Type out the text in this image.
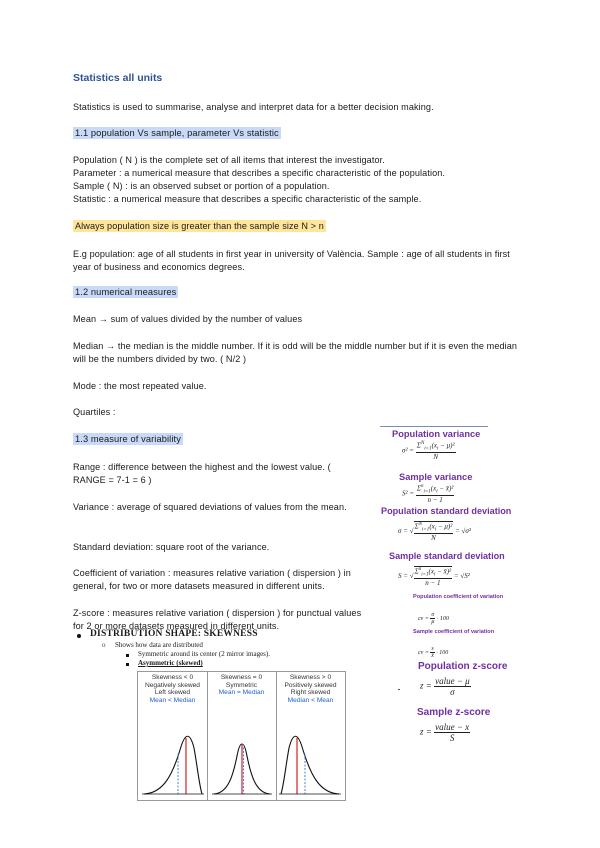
Statistics all units
Statistics is used to summarise, analyse and interpret data for a better decision making.
1.1 population Vs sample, parameter Vs statistic
Population ( N ) is the complete set of all items that interest the investigator.
Parameter : a numerical measure that describes a specific characteristic of the population.
Sample ( N) : is an observed subset or portion of a population.
Statistic : a numerical measure that describes a specific characteristic of the sample.
Always population size is greater than the sample size N > n
E.g population: age of all students in first year in university of València. Sample : age of all students in first year of business and economics degrees.
1.2 numerical measures
Mean → sum of values divided by the number of values
Median → the median is the middle number. If it is odd will be the middle number but if it is even the median will be the numbers divided by two. ( N/2 )
Mode : the most repeated value.
Quartiles :
1.3 measure of variability
Range : difference between the highest and the lowest value. ( RANGE = 7-1 = 6 )
Variance : average of squared deviations of values from the mean.
Standard deviation: square root of the variance.
Coefficient of variation : measures relative variation ( dispersion ) in general, for two or more datasets measured in different units.
Z-score : measures relative variation ( dispersion ) for punctual values for 2 or more datasets measured in different units.
Population variance
$\sigma^2 = \frac{\Sigma^N_{i=1}(x_i - \mu)^2}{N}$
Sample variance
$S^2 = \frac{\Sigma^n_{i=1}(x_i - x̄)^2}{n - 1}$
Population standard deviation
σ = √ $\frac{\Sigma^N_{i=1}(x_i - \mu)^2}{N} = √\sigma^2$
Sample standard deviation
S = √ $\frac{\Sigma^n_{i=1}(x_i - x̄)^2}{n - 1} = √S^2$
Population coefficient of variation
cv = $\frac{\sigma}{\mu} \cdot 100$
Sample coefficient of variation
cv = $\frac{s}{x̄} \cdot 100$
Population z-score
$z = \frac{\text{value − μ}}{\sigma}$
Sample z-score
$z = \frac{\text{value − x}}{S}$
DISTRIBUTION SHAPE: SKEWNESS
o Shows how data are distributed
Symmetric around its center (2 mirror images).
Asymmetric (skewed)
Skewness < 0
Negatively skewed
Left skewed
Mean < Median
Skewness = 0
Symmetric
Mean = Median
Skewness > 0
Positively skewed
Right skewed
Median < Mean
